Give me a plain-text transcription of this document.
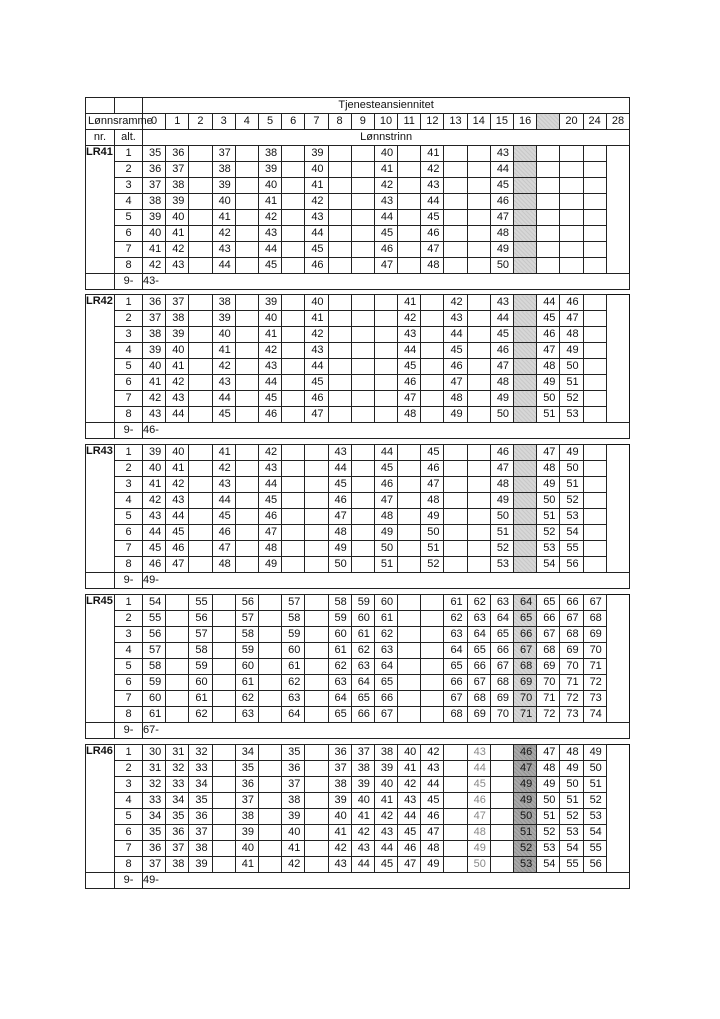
		Tjenesteansiennitet																				
Lønnsramme		0	1	2	3	4	5	6	7	8	9	10	11	12	13	14	15	16		20	24	28
nr.	alt.	Lønnstrinn																				
LR41	1	35	36		37		38		39			40		41			43					
	2	36	37		38		39		40			41		42			44					
	3	37	38		39		40		41			42		43			45					
	4	38	39		40		41		42			43		44			46					
	5	39	40		41		42		43			44		45			47					
	6	40	41		42		43		44			45		46			48					
	7	41	42		43		44		45			46		47			49					
	8	42	43		44		45		46			47		48			50					
	9-	43-																				
LR42	1	36	37		38		39		40				41		42		43		44	46	
	2	37	38		39		40		41				42		43		44		45	47	
	3	38	39		40		41		42				43		44		45		46	48	
	4	39	40		41		42		43				44		45		46		47	49	
	5	40	41		42		43		44				45		46		47		48	50	
	6	41	42		43		44		45				46		47		48		49	51	
	7	42	43		44		45		46				47		48		49		50	52	
	8	43	44		45		46		47				48		49		50		51	53	
	9-	46-																			
LR43	1	39	40		41		42			43		44		45			46		47	49	
	2	40	41		42		43			44		45		46			47		48	50	
	3	41	42		43		44			45		46		47			48		49	51	
	4	42	43		44		45			46		47		48			49		50	52	
	5	43	44		45		46			47		48		49			50		51	53	
	6	44	45		46		47			48		49		50			51		52	54	
	7	45	46		47		48			49		50		51			52		53	55	
	8	46	47		48		49			50		51		52			53		54	56	
	9-	49-																			
LR45	1	54		55		56		57		58	59	60			61	62	63	64	65	66	67
	2	55		56		57		58		59	60	61			62	63	64	65	66	67	68
	3	56		57		58		59		60	61	62			63	64	65	66	67	68	69
	4	57		58		59		60		61	62	63			64	65	66	67	68	69	70
	5	58		59		60		61		62	63	64			65	66	67	68	69	70	71
	6	59		60		61		62		63	64	65			66	67	68	69	70	71	72
	7	60		61		62		63		64	65	66			67	68	69	70	71	72	73
	8	61		62		63		64		65	66	67			68	69	70	71	72	73	74
	9-	67-																			
LR46	1	30	31	32		34		35		36	37	38	40	42		43		46	47	48	49
	2	31	32	33		35		36		37	38	39	41	43		44		47	48	49	50
	3	32	33	34		36		37		38	39	40	42	44		45		49	49	50	51
	4	33	34	35		37		38		39	40	41	43	45		46		49	50	51	52
	5	34	35	36		38		39		40	41	42	44	46		47		50	51	52	53
	6	35	36	37		39		40		41	42	43	45	47		48		51	52	53	54
	7	36	37	38		40		41		42	43	44	46	48		49		52	53	54	55
	8	37	38	39		41		42		43	44	45	47	49		50		53	54	55	56
	9-	49-																			
